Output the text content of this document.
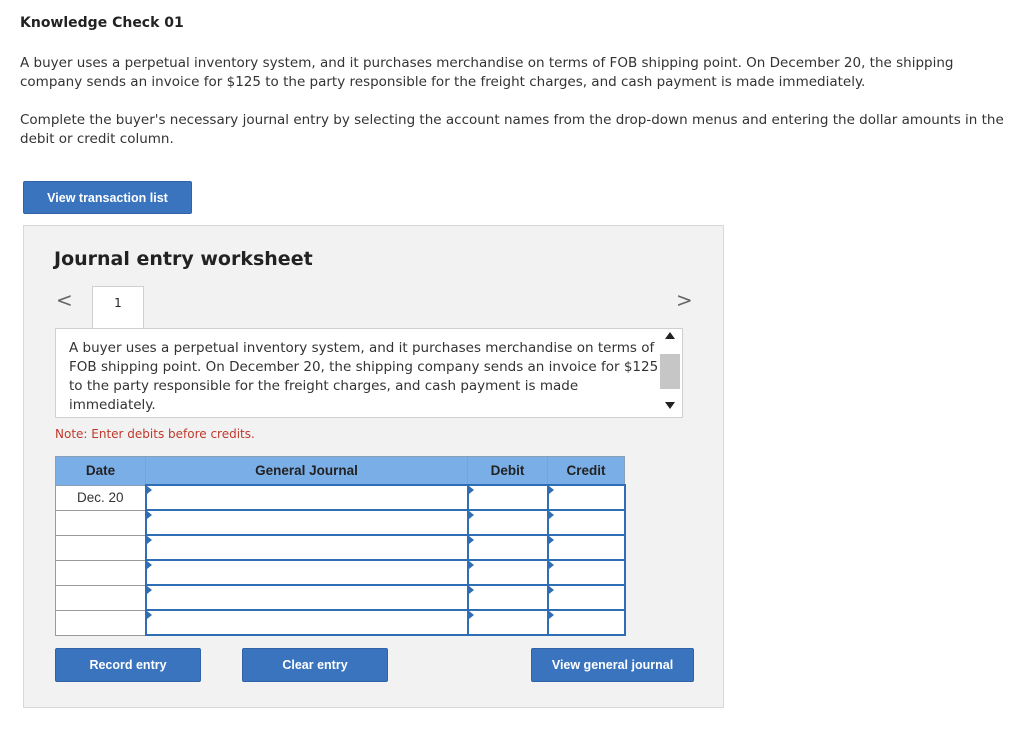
Knowledge Check 01
A buyer uses a perpetual inventory system, and it purchases merchandise on terms of FOB shipping point. On December 20, the shipping company sends an invoice for $125 to the party responsible for the freight charges, and cash payment is made immediately.
Complete the buyer's necessary journal entry by selecting the account names from the drop-down menus and entering the dollar amounts in the debit or credit column.
View transaction list
Journal entry worksheet
<	1	>
A buyer uses a perpetual inventory system, and it purchases merchandise on terms of FOB shipping point. On December 20, the shipping company sends an invoice for $125 to the party responsible for the freight charges, and cash payment is made immediately.
Note: Enter debits before credits.
Date	General Journal	Debit	Credit
Dec. 20			

Record entry	Clear entry	View general journal
